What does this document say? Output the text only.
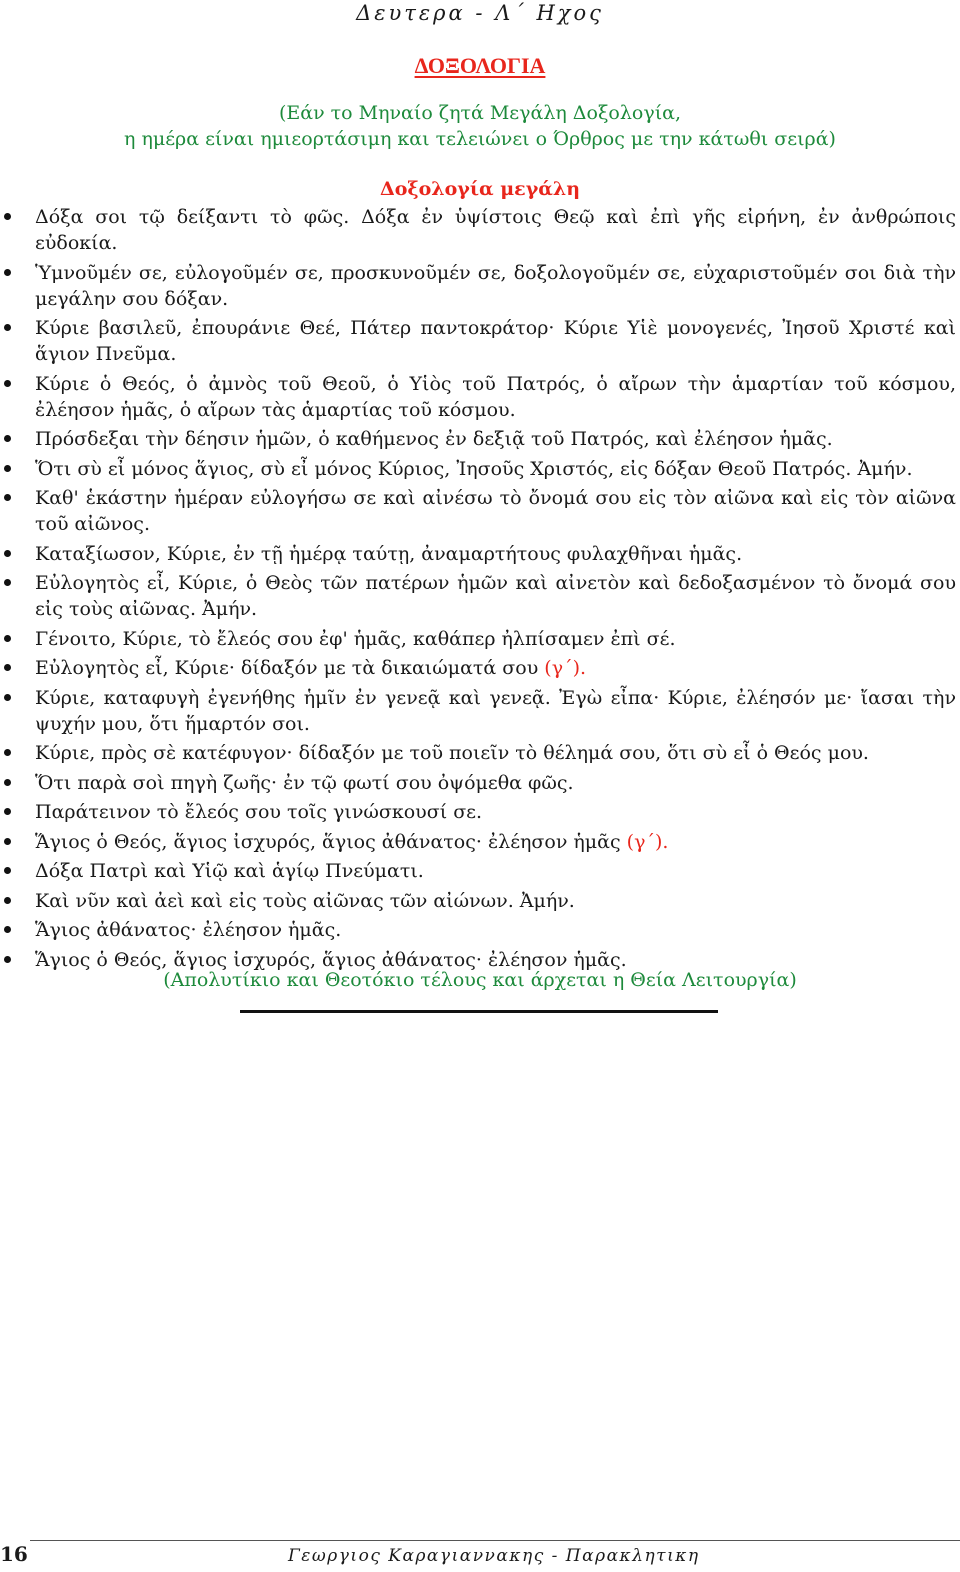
Δευτερα - Λ΄ Ηχος
ΔΟΞΟΛΟΓΙΑ
(Εάν το Μηναίο ζητά Μεγάλη Δοξολογία,
η ημέρα είναι ημιεορτάσιμη και τελειώνει ο Όρθρος με την κάτωθι σειρά)
Δοξολογία μεγάλη
Δόξα σοι τῷ δείξαντι τὸ φῶς. Δόξα ἐν ὑψίστοις Θεῷ καὶ ἐπὶ γῆς εἰρήνη, ἐν ἀνθρώποις εὐδοκία.
Ὑμνοῦμέν σε, εὐλογοῦμέν σε, προσκυνοῦμέν σε, δοξολογοῦμέν σε, εὐχαριστοῦμέν σοι διὰ τὴν μεγάλην σου δόξαν.
Κύριε βασιλεῦ, ἐπουράνιε Θεέ, Πάτερ παντοκράτορ· Κύριε Υἱὲ μονογενές, Ἰησοῦ Χριστέ καὶ ἅγιον Πνεῦμα.
Κύριε ὁ Θεός, ὁ ἀμνὸς τοῦ Θεοῦ, ὁ Υἱὸς τοῦ Πατρός, ὁ αἴρων τὴν ἁμαρτίαν τοῦ κόσμου, ἐλέησον ἡμᾶς, ὁ αἴρων τὰς ἁμαρτίας τοῦ κόσμου.
Πρόσδεξαι τὴν δέησιν ἡμῶν, ὁ καθήμενος ἐν δεξιᾷ τοῦ Πατρός, καὶ ἐλέησον ἡμᾶς.
Ὅτι σὺ εἶ μόνος ἅγιος, σὺ εἶ μόνος Κύριος, Ἰησοῦς Χριστός, εἰς δόξαν Θεοῦ Πατρός. Ἀμήν.
Καθ' ἑκάστην ἡμέραν εὐλογήσω σε καὶ αἰνέσω τὸ ὄνομά σου εἰς τὸν αἰῶνα καὶ εἰς τὸν αἰῶνα τοῦ αἰῶνος.
Καταξίωσον, Κύριε, ἐν τῇ ἡμέρᾳ ταύτῃ, ἀναμαρτήτους φυλαχθῆναι ἡμᾶς.
Εὐλογητὸς εἶ, Κύριε, ὁ Θεὸς τῶν πατέρων ἡμῶν καὶ αἰνετὸν καὶ δεδοξασμένον τὸ ὄνομά σου εἰς τοὺς αἰῶνας. Ἀμήν.
Γένοιτο, Κύριε, τὸ ἔλεός σου ἐφ' ἡμᾶς, καθάπερ ἠλπίσαμεν ἐπὶ σέ.
Εὐλογητὸς εἶ, Κύριε· δίδαξόν με τὰ δικαιώματά σου (γ΄).
Κύριε, καταφυγὴ ἐγενήθης ἡμῖν ἐν γενεᾷ καὶ γενεᾷ. Ἐγὼ εἶπα· Κύριε, ἐλέησόν με· ἴασαι τὴν ψυχήν μου, ὅτι ἥμαρτόν σοι.
Κύριε, πρὸς σὲ κατέφυγον· δίδαξόν με τοῦ ποιεῖν τὸ θέλημά σου, ὅτι σὺ εἶ ὁ Θεός μου.
Ὅτι παρὰ σοὶ πηγὴ ζωῆς· ἐν τῷ φωτί σου ὀψόμεθα φῶς.
Παράτεινον τὸ ἔλεός σου τοῖς γινώσκουσί σε.
Ἅγιος ὁ Θεός, ἅγιος ἰσχυρός, ἅγιος ἀθάνατος· ἐλέησον ἡμᾶς (γ΄).
Δόξα Πατρὶ καὶ Υἱῷ καὶ ἁγίῳ Πνεύματι.
Καὶ νῦν καὶ ἀεὶ καὶ εἰς τοὺς αἰῶνας τῶν αἰώνων. Ἀμήν.
Ἅγιος ἀθάνατος· ἐλέησον ἡμᾶς.
Ἅγιος ὁ Θεός, ἅγιος ἰσχυρός, ἅγιος ἀθάνατος· ἐλέησον ἡμᾶς.
(Απολυτίκιο και Θεοτόκιο τέλους και άρχεται η Θεία Λειτουργία)
16	Γεωργιος Καραγιαννακης - Παρακλητικη
